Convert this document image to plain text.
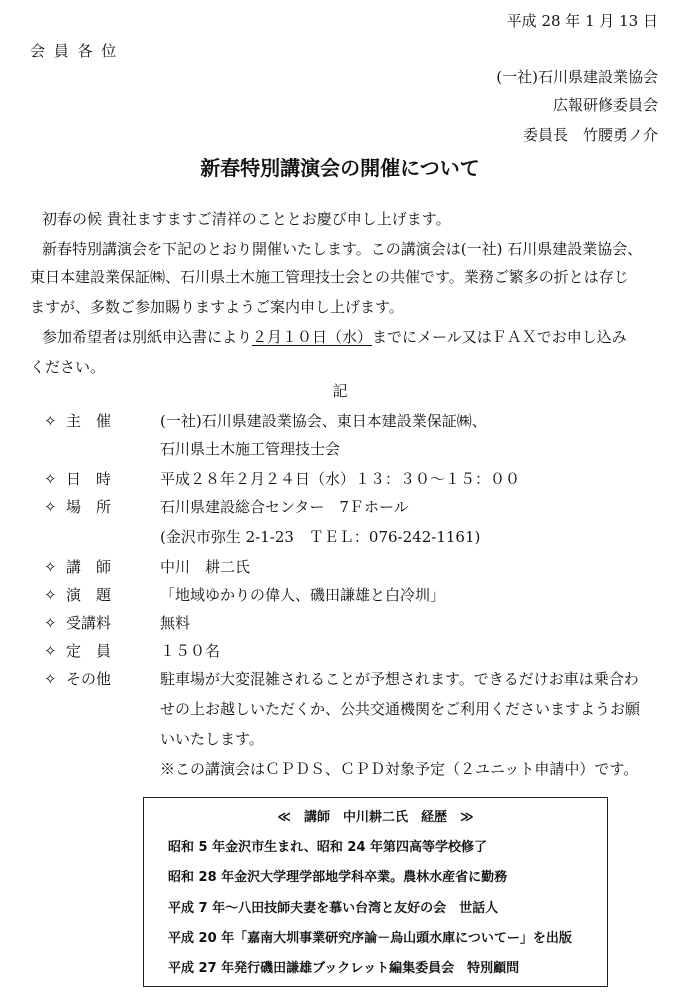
平成 28 年 1 月 13 日
会 員 各 位
(一社)石川県建設業協会
広報研修委員会
委員長　竹腰勇ノ介
新春特別講演会の開催について
初春の候 貴社ますますご清祥のこととお慶び申し上げます。
新春特別講演会を下記のとおり開催いたします。この講演会は(一社) 石川県建設業協会、
東日本建設業保証㈱、石川県土木施工管理技士会との共催です。業務ご繁多の折とは存じ
ますが、多数ご参加賜りますようご案内申し上げます。
参加希望者は別紙申込書により２月１０日（水）までにメール又はＦＡＸでお申し込み
ください。
記
✧ 主　催	(一社)石川県建設業協会、東日本建設業保証㈱、
石川県土木施工管理技士会
✧ 日　時	平成２８年２月２４日（水）１３：３０～１５：００
✧ 場　所	石川県建設総合センター　7Ｆホール
(金沢市弥生 2-1-23　ＴＥＬ：076-242-1161)
✧ 講　師	中川　耕二氏
✧ 演　題	「地域ゆかりの偉人、磯田謙雄と白冷圳」
✧ 受講料	無料
✧ 定　員	１５０名
✧ その他	駐車場が大変混雑されることが予想されます。できるだけお車は乗合わ
せの上お越しいただくか、公共交通機関をご利用くださいますようお願
いいたします。
※この講演会はＣＰＤＳ、ＣＰＤ対象予定（２ユニット申請中）です。
≪　講師　中川耕二氏　経歴　≫
昭和 5 年金沢市生まれ、昭和 24 年第四高等学校修了
昭和 28 年金沢大学理学部地学科卒業。農林水産省に勤務
平成 7 年～八田技師夫妻を慕い台湾と友好の会　世話人
平成 20 年「嘉南大圳事業研究序論－烏山頭水庫についてー」を出版
平成 27 年発行磯田謙雄ブックレット編集委員会　特別顧問
